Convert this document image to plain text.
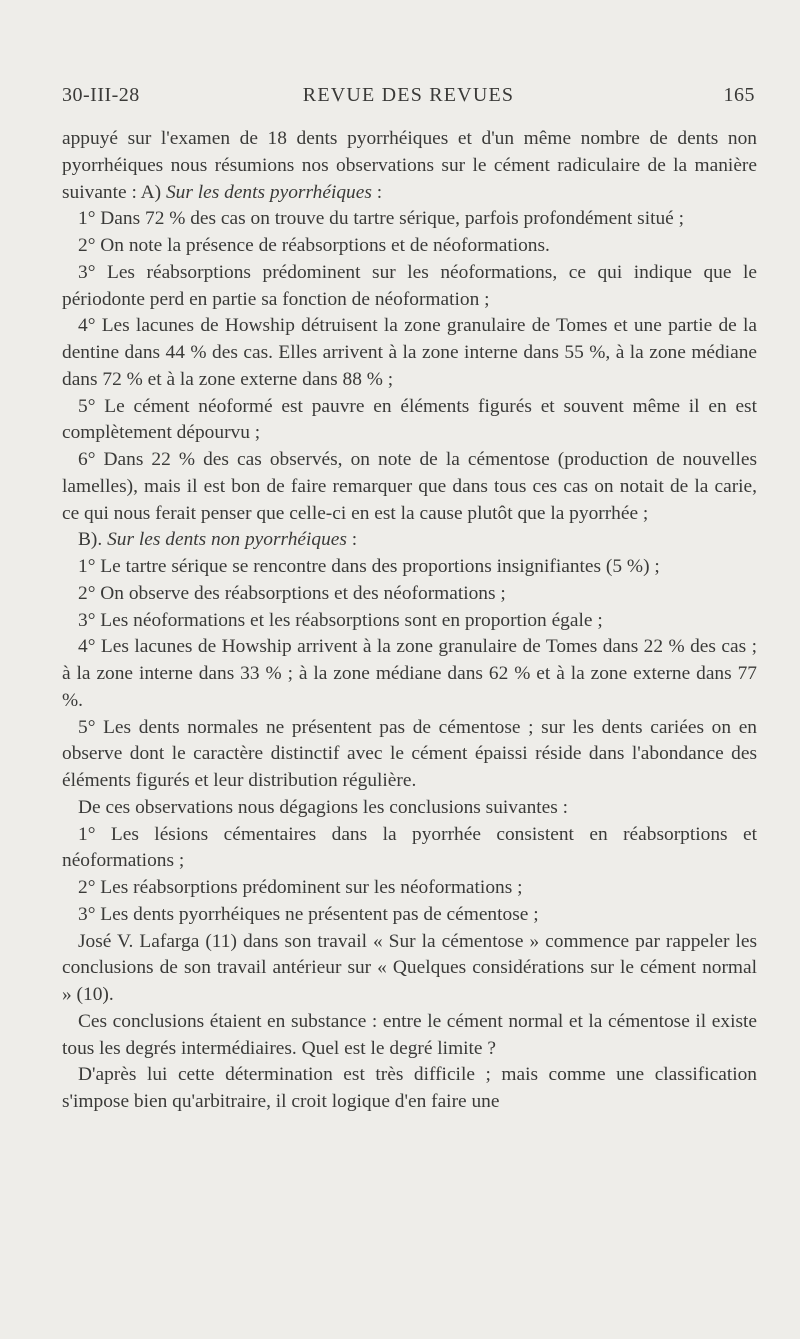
30-III-28	REVUE DES REVUES	165

appuyé sur l'examen de 18 dents pyorrhéiques et d'un même nombre de dents non pyorrhéiques nous résumions nos observations sur le cément radiculaire de la manière suivante : A) Sur les dents pyorrhéiques :

1° Dans 72 % des cas on trouve du tartre sérique, parfois profondément situé ;

2° On note la présence de réabsorptions et de néoformations.

3° Les réabsorptions prédominent sur les néoformations, ce qui indique que le périodonte perd en partie sa fonction de néoformation ;

4° Les lacunes de Howship détruisent la zone granulaire de Tomes et une partie de la dentine dans 44 % des cas. Elles arrivent à la zone interne dans 55 %, à la zone médiane dans 72 % et à la zone externe dans 88 % ;

5° Le cément néoformé est pauvre en éléments figurés et souvent même il en est complètement dépourvu ;

6° Dans 22 % des cas observés, on note de la cémentose (production de nouvelles lamelles), mais il est bon de faire remarquer que dans tous ces cas on notait de la carie, ce qui nous ferait penser que celle-ci en est la cause plutôt que la pyorrhée ;

B). Sur les dents non pyorrhéiques :

1° Le tartre sérique se rencontre dans des proportions insignifiantes (5 %) ;

2° On observe des réabsorptions et des néoformations ;

3° Les néoformations et les réabsorptions sont en proportion égale ;

4° Les lacunes de Howship arrivent à la zone granulaire de Tomes dans 22 % des cas ; à la zone interne dans 33 % ; à la zone médiane dans 62 % et à la zone externe dans 77 %.

5° Les dents normales ne présentent pas de cémentose ; sur les dents cariées on en observe dont le caractère distinctif avec le cément épaissi réside dans l'abondance des éléments figurés et leur distribution régulière.

De ces observations nous dégagions les conclusions suivantes :

1° Les lésions cémentaires dans la pyorrhée consistent en réabsorptions et néoformations ;

2° Les réabsorptions prédominent sur les néoformations ;

3° Les dents pyorrhéiques ne présentent pas de cémentose ;

José V. Lafarga (11) dans son travail « Sur la cémentose » commence par rappeler les conclusions de son travail antérieur sur « Quelques considérations sur le cément normal » (10).

Ces conclusions étaient en substance : entre le cément normal et la cémentose il existe tous les degrés intermédiaires. Quel est le degré limite ?

D'après lui cette détermination est très difficile ; mais comme une classification s'impose bien qu'arbitraire, il croit logique d'en faire une
